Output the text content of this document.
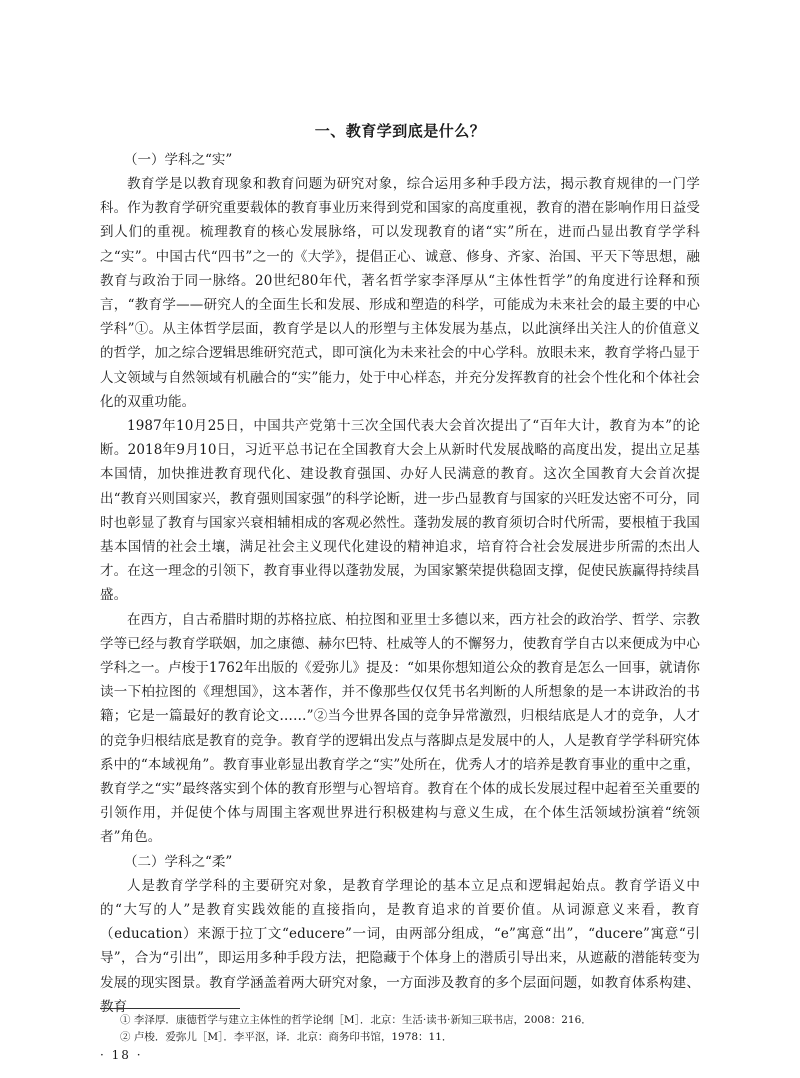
一、教育学到底是什么？

（一）学科之“实”

教育学是以教育现象和教育问题为研究对象，综合运用多种手段方法，揭示教育规律的一门学科。作为教育学研究重要载体的教育事业历来得到党和国家的高度重视，教育的潜在影响作用日益受到人们的重视。梳理教育的核心发展脉络，可以发现教育的诸“实”所在，进而凸显出教育学学科之“实”。中国古代“四书”之一的《大学》，提倡正心、诚意、修身、齐家、治国、平天下等思想，融教育与政治于同一脉络。20世纪80年代，著名哲学家李泽厚从“主体性哲学”的角度进行诠释和预言，“教育学——研究人的全面生长和发展、形成和塑造的科学，可能成为未来社会的最主要的中心学科”①。从主体哲学层面，教育学是以人的形塑与主体发展为基点，以此演绎出关注人的价值意义的哲学，加之综合逻辑思维研究范式，即可演化为未来社会的中心学科。放眼未来，教育学将凸显于人文领域与自然领域有机融合的“实”能力，处于中心样态，并充分发挥教育的社会个性化和个体社会化的双重功能。

1987年10月25日，中国共产党第十三次全国代表大会首次提出了“百年大计，教育为本”的论断。2018年9月10日，习近平总书记在全国教育大会上从新时代发展战略的高度出发，提出立足基本国情，加快推进教育现代化、建设教育强国、办好人民满意的教育。这次全国教育大会首次提出“教育兴则国家兴，教育强则国家强”的科学论断，进一步凸显教育与国家的兴旺发达密不可分，同时也彰显了教育与国家兴衰相辅相成的客观必然性。蓬勃发展的教育须切合时代所需，要根植于我国基本国情的社会土壤，满足社会主义现代化建设的精神追求，培育符合社会发展进步所需的杰出人才。在这一理念的引领下，教育事业得以蓬勃发展，为国家繁荣提供稳固支撑，促使民族赢得持续昌盛。

在西方，自古希腊时期的苏格拉底、柏拉图和亚里士多德以来，西方社会的政治学、哲学、宗教学等已经与教育学联姻，加之康德、赫尔巴特、杜威等人的不懈努力，使教育学自古以来便成为中心学科之一。卢梭于1762年出版的《爱弥儿》提及：“如果你想知道公众的教育是怎么一回事，就请你读一下柏拉图的《理想国》，这本著作，并不像那些仅仅凭书名判断的人所想象的是一本讲政治的书籍；它是一篇最好的教育论文……”②当今世界各国的竞争异常激烈，归根结底是人才的竞争，人才的竞争归根结底是教育的竞争。教育学的逻辑出发点与落脚点是发展中的人，人是教育学学科研究体系中的“本域视角”。教育事业彰显出教育学之“实”处所在，优秀人才的培养是教育事业的重中之重，教育学之“实”最终落实到个体的教育形塑与心智培育。教育在个体的成长发展过程中起着至关重要的引领作用，并促使个体与周围主客观世界进行积极建构与意义生成，在个体生活领域扮演着“统领者”角色。

（二）学科之“柔”

人是教育学学科的主要研究对象，是教育学理论的基本立足点和逻辑起始点。教育学语义中的“大写的人”是教育实践效能的直接指向，是教育追求的首要价值。从词源意义来看，教育（education）来源于拉丁文“educere”一词，由两部分组成，“e”寓意“出”，“ducere”寓意“引导”，合为“引出”，即运用多种手段方法，把隐藏于个体身上的潜质引导出来，从遮蔽的潜能转变为发展的现实图景。教育学涵盖着两大研究对象，一方面涉及教育的多个层面问题，如教育体系构建、教育

① 李泽厚．康德哲学与建立主体性的哲学论纲［M］．北京：生活·读书·新知三联书店，2008：216．

② 卢梭．爱弥儿［M］．李平沤，译．北京：商务印书馆，1978：11．

· 18 ·
